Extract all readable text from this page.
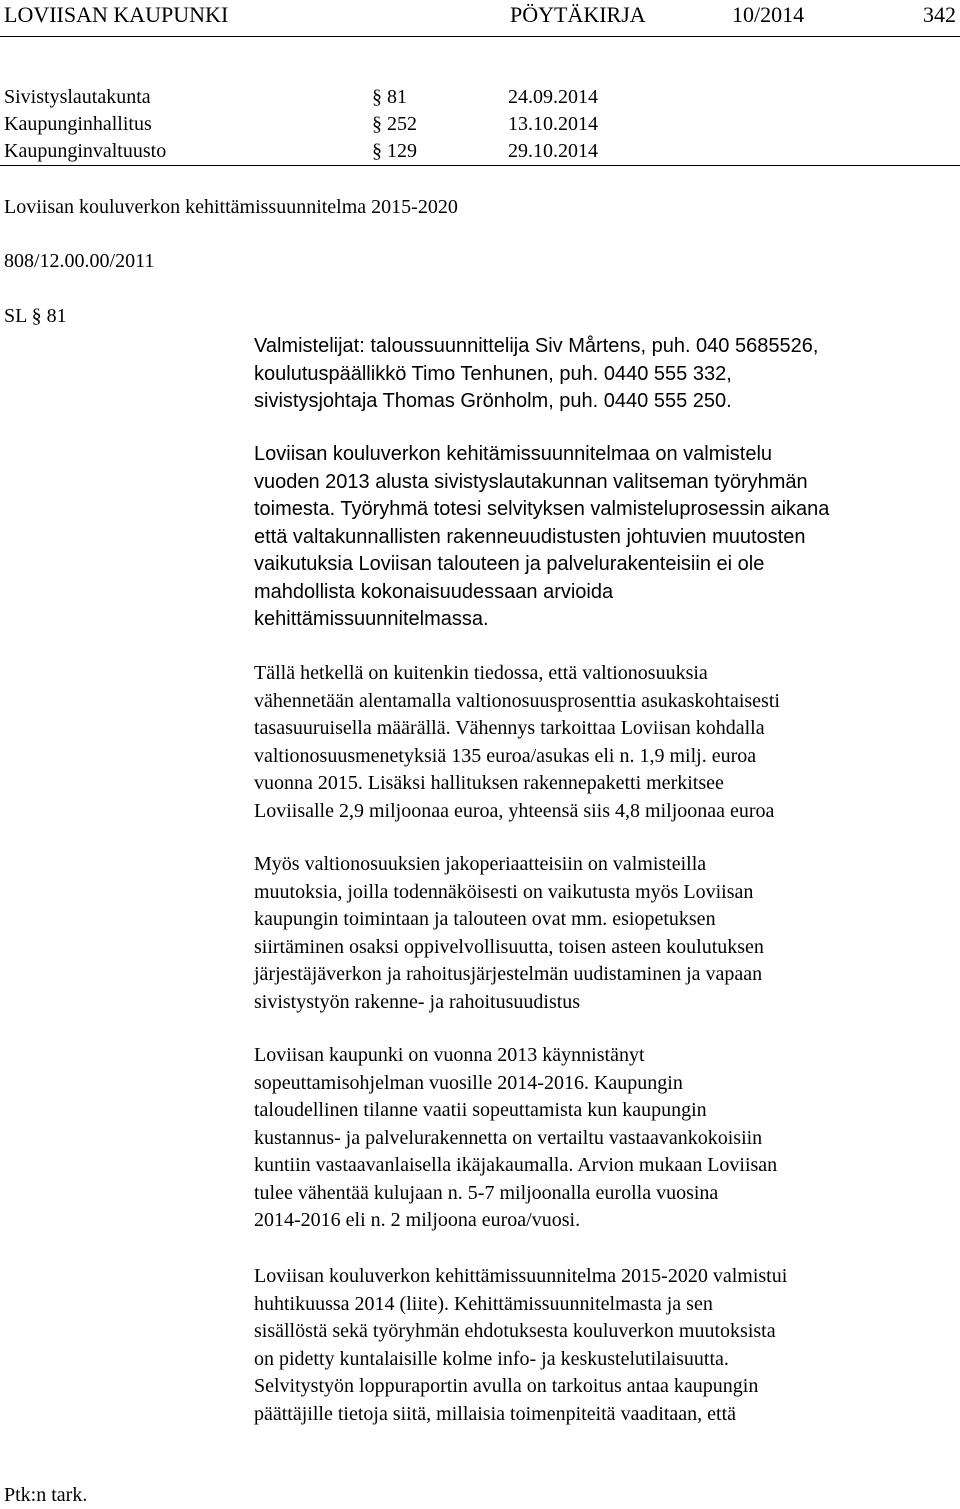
LOVIISAN KAUPUNKI	PÖYTÄKIRJA	10/2014	342
Sivistyslautakunta	§ 81	24.09.2014
Kaupunginhallitus	§ 252	13.10.2014
Kaupunginvaltuusto	§ 129	29.10.2014
Loviisan kouluverkon kehittämissuunnitelma 2015-2020
808/12.00.00/2011
SL § 81
Valmistelijat: taloussuunnittelija Siv Mårtens, puh. 040 5685526,
koulutuspäällikkö Timo Tenhunen, puh. 0440 555 332,
sivistysjohtaja Thomas Grönholm, puh. 0440 555 250.
Loviisan kouluverkon kehitämissuunnitelmaa on valmistelu
vuoden 2013 alusta sivistyslautakunnan valitseman työryhmän
toimesta. Työryhmä totesi selvityksen valmisteluprosessin aikana
että valtakunnallisten rakenneuudistusten johtuvien muutosten
vaikutuksia Loviisan talouteen ja palvelurakenteisiin ei ole
mahdollista kokonaisuudessaan arvioida
kehittämissuunnitelmassa.
Tällä hetkellä on kuitenkin tiedossa, että valtionosuuksia
vähennetään alentamalla valtionosuusprosenttia asukaskohtaisesti
tasasuuruisella määrällä. Vähennys tarkoittaa Loviisan kohdalla
valtionosuusmenetyksiä 135 euroa/asukas eli n. 1,9 milj. euroa
vuonna 2015. Lisäksi hallituksen rakennepaketti merkitsee
Loviisalle 2,9 miljoonaa euroa, yhteensä siis 4,8 miljoonaa euroa
Myös valtionosuuksien jakoperiaatteisiin on valmisteilla
muutoksia, joilla todennäköisesti on vaikutusta myös Loviisan
kaupungin toimintaan ja talouteen ovat mm. esiopetuksen
siirtäminen osaksi oppivelvollisuutta, toisen asteen koulutuksen
järjestäjäverkon ja rahoitusjärjestelmän uudistaminen ja vapaan
sivistystyön rakenne- ja rahoitusuudistus
Loviisan kaupunki on vuonna 2013 käynnistänyt
sopeuttamisohjelman vuosille 2014-2016. Kaupungin
taloudellinen tilanne vaatii sopeuttamista kun kaupungin
kustannus- ja palvelurakennetta on vertailtu vastaavankokoisiin
kuntiin vastaavanlaisella ikäjakaumalla. Arvion mukaan Loviisan
tulee vähentää kulujaan n. 5-7 miljoonalla eurolla vuosina
2014-2016 eli n. 2 miljoona euroa/vuosi.
Loviisan kouluverkon kehittämissuunnitelma 2015-2020 valmistui
huhtikuussa 2014 (liite). Kehittämissuunnitelmasta ja sen
sisällöstä sekä työryhmän ehdotuksesta kouluverkon muutoksista
on pidetty kuntalaisille kolme info- ja keskustelutilaisuutta.
Selvitystyön loppuraportin avulla on tarkoitus antaa kaupungin
päättäjille tietoja siitä, millaisia toimenpiteitä vaaditaan, että
Ptk:n tark.
